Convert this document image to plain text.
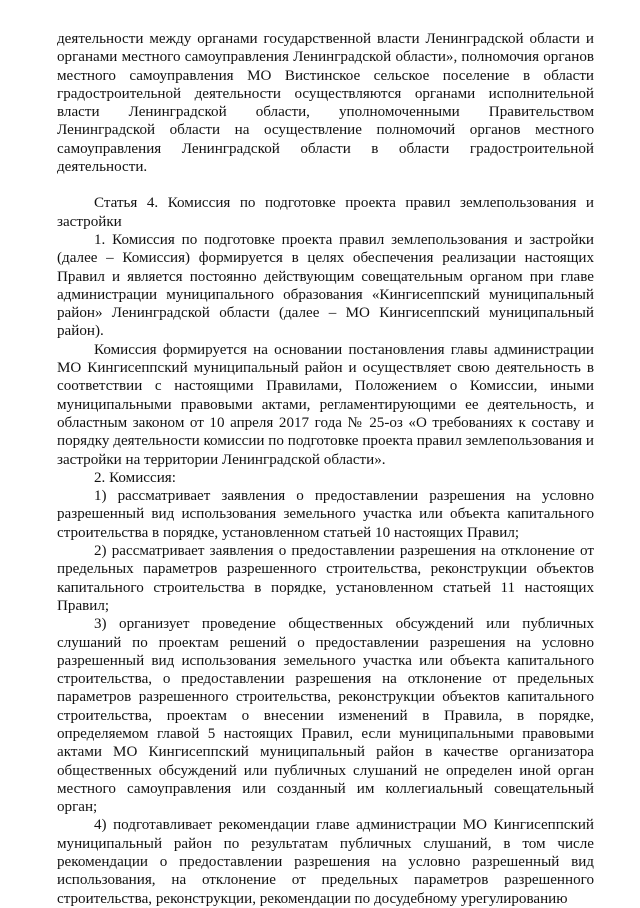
деятельности между органами государственной власти Ленинградской области и органами местного самоуправления Ленинградской области», полномочия органов местного самоуправления МО Вистинское сельское поселение в области градостроительной деятельности осуществляются органами исполнительной власти Ленинградской области, уполномоченными Правительством Ленинградской области на осуществление полномочий органов местного самоуправления Ленинградской области в области градостроительной деятельности.

Статья 4. Комиссия по подготовке проекта правил землепользования и застройки

1. Комиссия по подготовке проекта правил землепользования и застройки (далее – Комиссия) формируется в целях обеспечения реализации настоящих Правил и является постоянно действующим совещательным органом при главе администрации муниципального образования «Кингисеппский муниципальный район» Ленинградской области (далее – МО Кингисеппский муниципальный район).

Комиссия формируется на основании постановления главы администрации МО Кингисеппский муниципальный район и осуществляет свою деятельность в соответствии с настоящими Правилами, Положением о Комиссии, иными муниципальными правовыми актами, регламентирующими ее деятельность, и областным законом от 10 апреля 2017 года № 25-оз «О требованиях к составу и порядку деятельности комиссии по подготовке проекта правил землепользования и застройки на территории Ленинградской области».

2. Комиссия:

1) рассматривает заявления о предоставлении разрешения на условно разрешенный вид использования земельного участка или объекта капитального строительства в порядке, установленном статьей 10 настоящих Правил;

2) рассматривает заявления о предоставлении разрешения на отклонение от предельных параметров разрешенного строительства, реконструкции объектов капитального строительства в порядке, установленном статьей 11 настоящих Правил;

3) организует проведение общественных обсуждений или публичных слушаний по проектам решений о предоставлении разрешения на условно разрешенный вид использования земельного участка или объекта капитального строительства, о предоставлении разрешения на отклонение от предельных параметров разрешенного строительства, реконструкции объектов капитального строительства, проектам о внесении изменений в Правила, в порядке, определяемом главой 5 настоящих Правил, если муниципальными правовыми актами МО Кингисеппский муниципальный район в качестве организатора общественных обсуждений или публичных слушаний не определен иной орган местного самоуправления или созданный им коллегиальный совещательный орган;

4) подготавливает рекомендации главе администрации МО Кингисеппский муниципальный район по результатам публичных слушаний, в том числе рекомендации о предоставлении разрешения на условно разрешенный вид использования, на отклонение от предельных параметров разрешенного строительства, реконструкции, рекомендации по досудебному урегулированию
